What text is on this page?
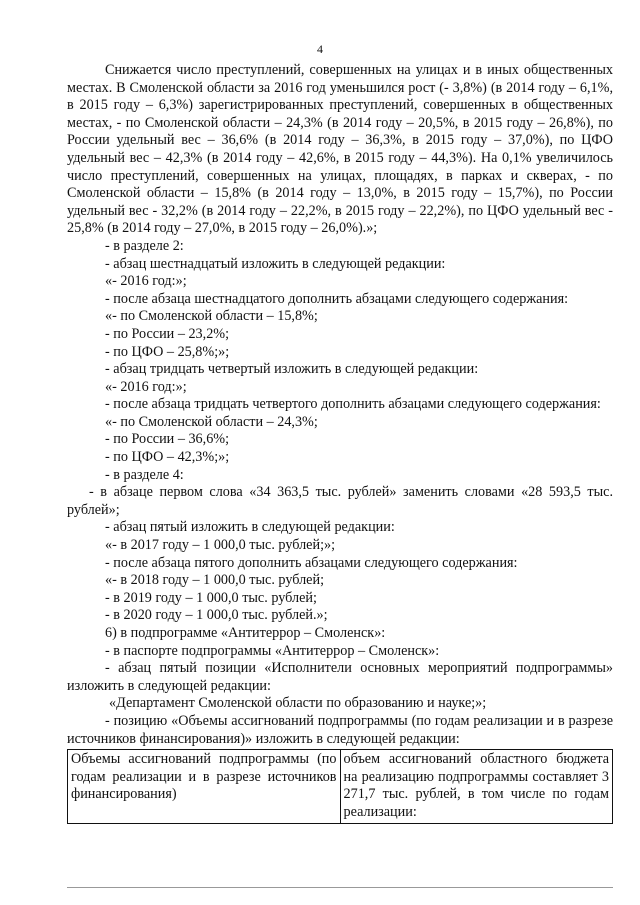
4

Снижается число преступлений, совершенных на улицах и в иных общественных местах. В Смоленской области за 2016 год уменьшился рост (- 3,8%) (в 2014 году – 6,1%, в 2015 году – 6,3%) зарегистрированных преступлений, совершенных в общественных местах, - по Смоленской области – 24,3% (в 2014 году – 20,5%, в 2015 году – 26,8%), по России удельный вес – 36,6% (в 2014 году – 36,3%, в 2015 году – 37,0%), по ЦФО удельный вес – 42,3% (в 2014 году – 42,6%, в 2015 году – 44,3%). На 0,1% увеличилось число преступлений, совершенных на улицах, площадях, в парках и скверах, - по Смоленской области – 15,8% (в 2014 году – 13,0%, в 2015 году – 15,7%), по России удельный вес - 32,2% (в 2014 году – 22,2%, в 2015 году – 22,2%), по ЦФО удельный вес - 25,8% (в 2014 году – 27,0%, в 2015 году – 26,0%).»;

- в разделе 2:

- абзац шестнадцатый изложить в следующей редакции:

«- 2016 год:»;

- после абзаца шестнадцатого дополнить абзацами следующего содержания:

«- по Смоленской области – 15,8%;

- по России – 23,2%;

- по ЦФО – 25,8%;»;

- абзац тридцать четвертый изложить в следующей редакции:

«- 2016 год:»;

- после абзаца тридцать четвертого дополнить абзацами следующего содержания:

«- по Смоленской области – 24,3%;

- по России – 36,6%;

- по ЦФО – 42,3%;»;

- в разделе 4:

- в абзаце первом слова «34 363,5 тыс. рублей» заменить словами «28 593,5 тыс. рублей»;

- абзац пятый изложить в следующей редакции:

«- в 2017 году – 1 000,0 тыс. рублей;»;

- после абзаца пятого дополнить абзацами следующего содержания:

«- в 2018 году – 1 000,0 тыс. рублей;

- в 2019 году – 1 000,0 тыс. рублей;

- в 2020 году – 1 000,0 тыс. рублей.»;

6) в подпрограмме «Антитеррор – Смоленск»:

- в паспорте подпрограммы «Антитеррор – Смоленск»:

- абзац пятый позиции «Исполнители основных мероприятий подпрограммы» изложить в следующей редакции:

«Департамент Смоленской области по образованию и науке;»;

- позицию «Объемы ассигнований подпрограммы (по годам реализации и в разрезе источников финансирования)» изложить в следующей редакции:

Объемы ассигнований подпрограммы (по годам реализации и в разрезе источников финансирования)	объем ассигнований областного бюджета на реализацию подпрограммы составляет 3 271,7 тыс. рублей, в том числе по годам реализации:
